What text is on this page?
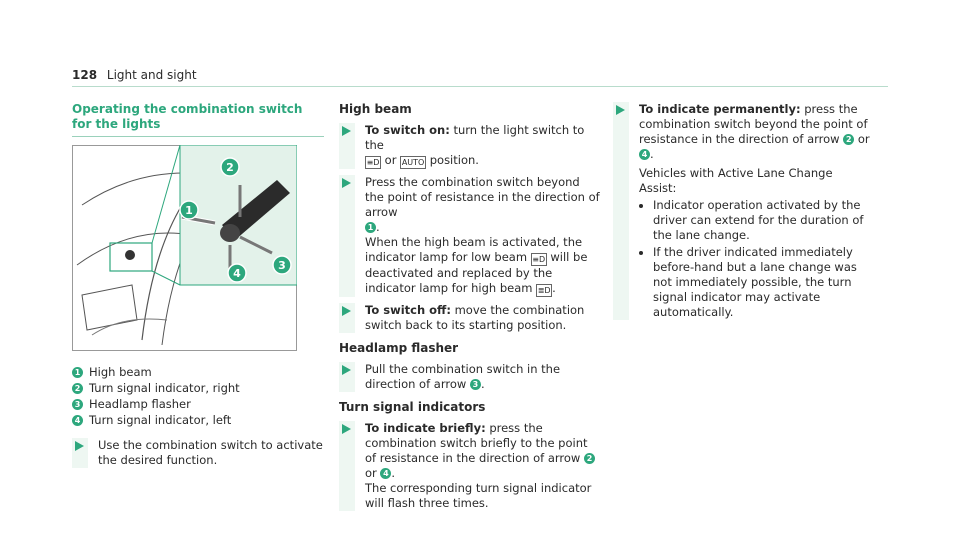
128 Light and sight
Operating the combination switch for the lights
1
2
3
4
1 High beam
2 Turn signal indicator, right
3 Headlamp flasher
4 Turn signal indicator, left
Use the combination switch to activate the desired function.
High beam
To switch on: turn the light switch to the
≡D or AUTO position.
Press the combination switch beyond the point of resistance in the direction of arrow
1 .
When the high beam is activated, the indicator lamp for low beam ≡D will be deactivated and replaced by the indicator lamp for high beam ≣D .
To switch off: move the combination switch back to its starting position.
Headlamp flasher
Pull the combination switch in the direction of arrow 3 .
Turn signal indicators
To indicate briefly: press the combination switch briefly to the point of resistance in the direction of arrow 2 or 4 .
The corresponding turn signal indicator will flash three times.
To indicate permanently: press the combination switch beyond the point of resistance in the direction of arrow 2 or 4 .
Vehicles with Active Lane Change Assist:
• Indicator operation activated by the driver can extend for the duration of the lane change.
• If the driver indicated immediately before-hand but a lane change was not immediately possible, the turn signal indicator may activate automatically.
